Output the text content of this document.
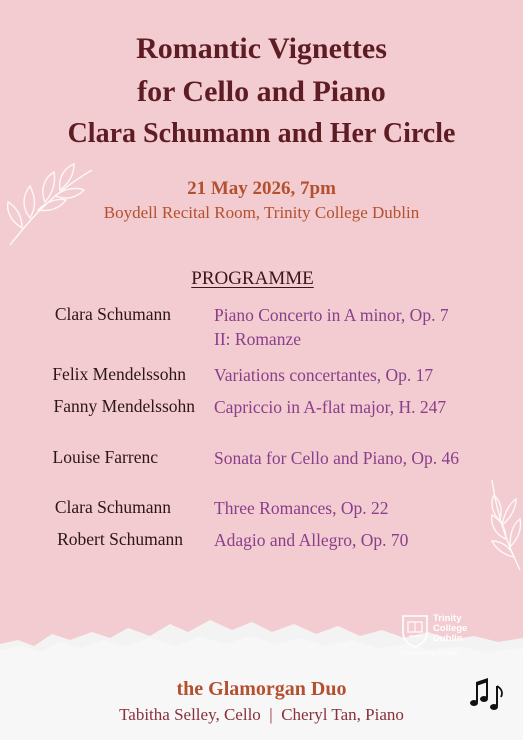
Romantic Vignettes
for Cello and Piano
Clara Schumann and Her Circle
21 May 2026, 7pm
Boydell Recital Room, Trinity College Dublin
PROGRAMME
Clara Schumann Piano Concerto in A minor, Op. 7
II: Romanze
Felix Mendelssohn Variations concertantes, Op. 17
Fanny Mendelssohn Capriccio in A-flat major, H. 247
Louise Farrenc	Sonata for Cello and Piano, Op. 46
Clara Schumann Three Romances, Op. 22
Robert Schumann Adagio and Allegro, Op. 70
Trinity
College
Dublin
The University of Dublin
the Glamorgan Duo
Tabitha Selley, Cello  |  Cheryl Tan, Piano
